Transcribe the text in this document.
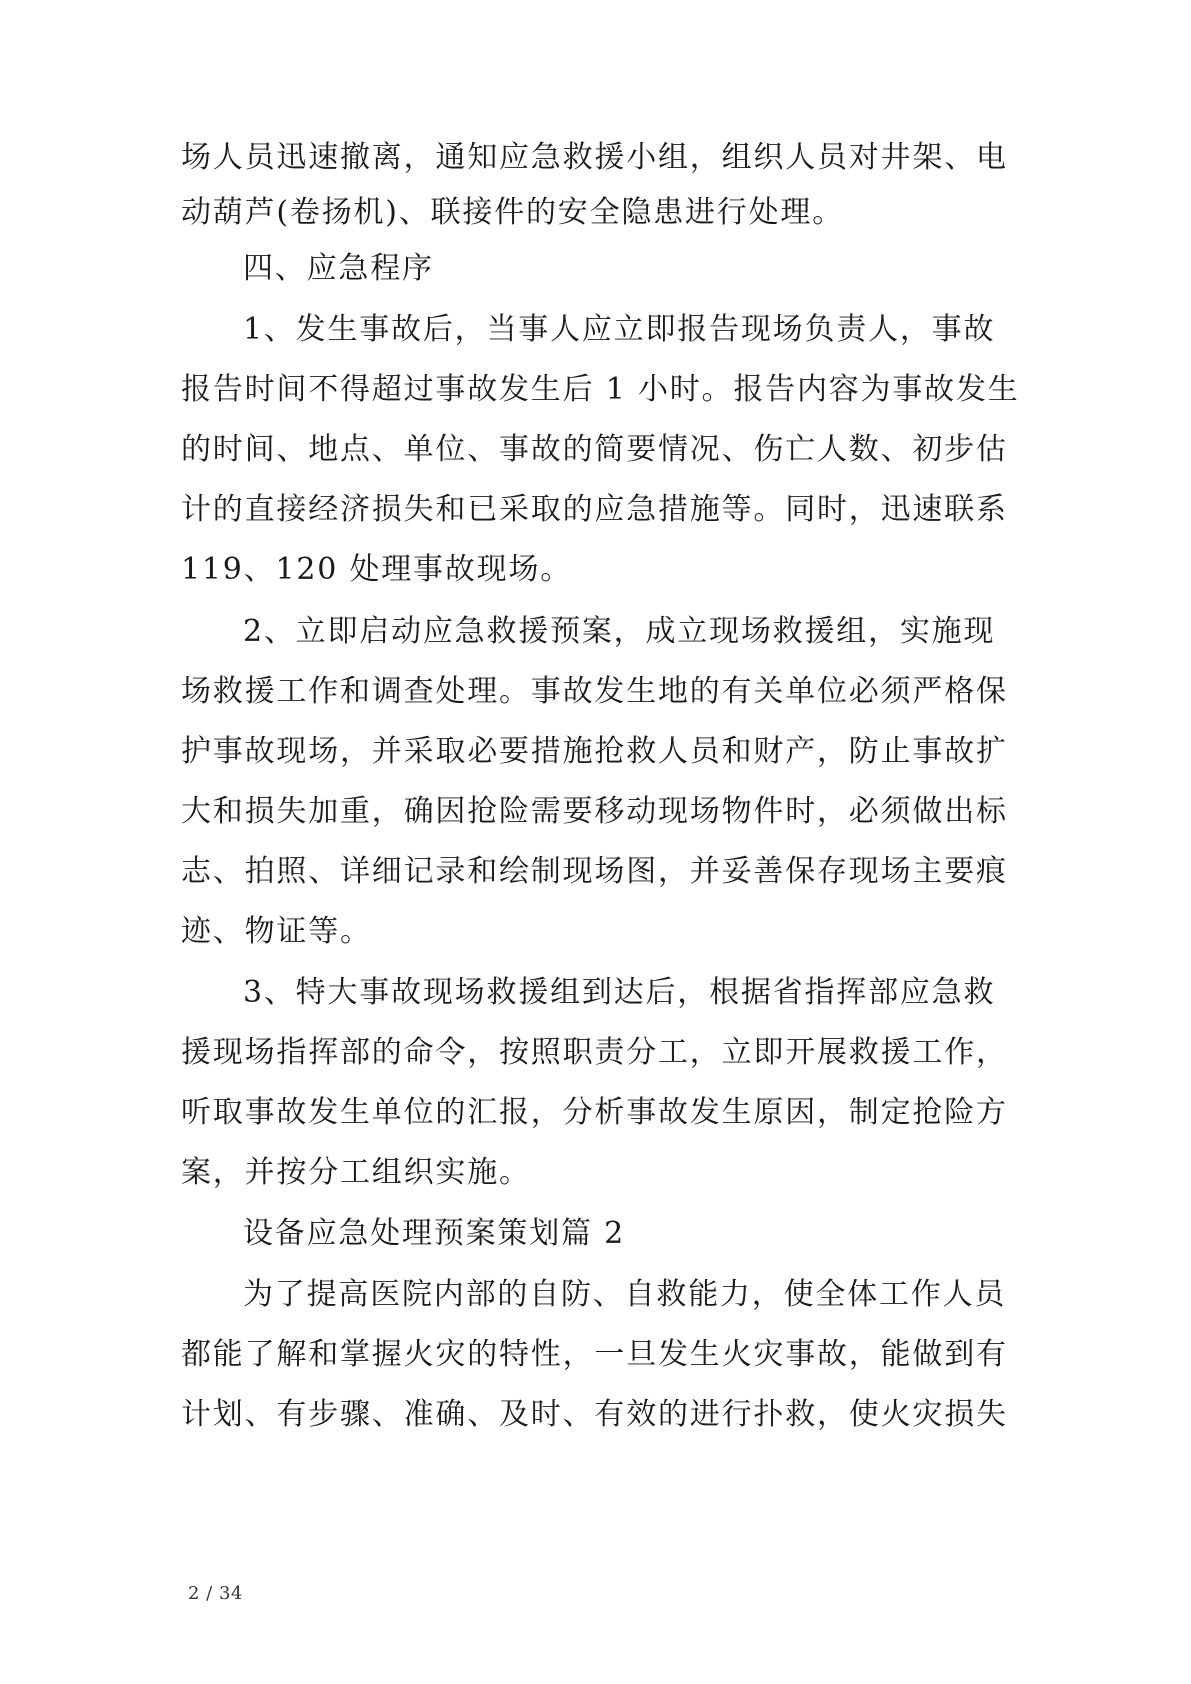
场人员迅速撤离，通知应急救援小组，组织人员对井架、电
动葫芦(卷扬机)、联接件的安全隐患进行处理。
四、应急程序
1、发生事故后，当事人应立即报告现场负责人，事故
报告时间不得超过事故发生后 1 小时。报告内容为事故发生
的时间、地点、单位、事故的简要情况、伤亡人数、初步估
计的直接经济损失和已采取的应急措施等。同时，迅速联系
119、120 处理事故现场。
2、立即启动应急救援预案，成立现场救援组，实施现
场救援工作和调查处理。事故发生地的有关单位必须严格保
护事故现场，并采取必要措施抢救人员和财产，防止事故扩
大和损失加重，确因抢险需要移动现场物件时，必须做出标
志、拍照、详细记录和绘制现场图，并妥善保存现场主要痕
迹、物证等。
3、特大事故现场救援组到达后，根据省指挥部应急救
援现场指挥部的命令，按照职责分工，立即开展救援工作，
听取事故发生单位的汇报，分析事故发生原因，制定抢险方
案，并按分工组织实施。
设备应急处理预案策划篇 2
为了提高医院内部的自防、自救能力，使全体工作人员
都能了解和掌握火灾的特性，一旦发生火灾事故，能做到有
计划、有步骤、准确、及时、有效的进行扑救，使火灾损失
2 / 34
